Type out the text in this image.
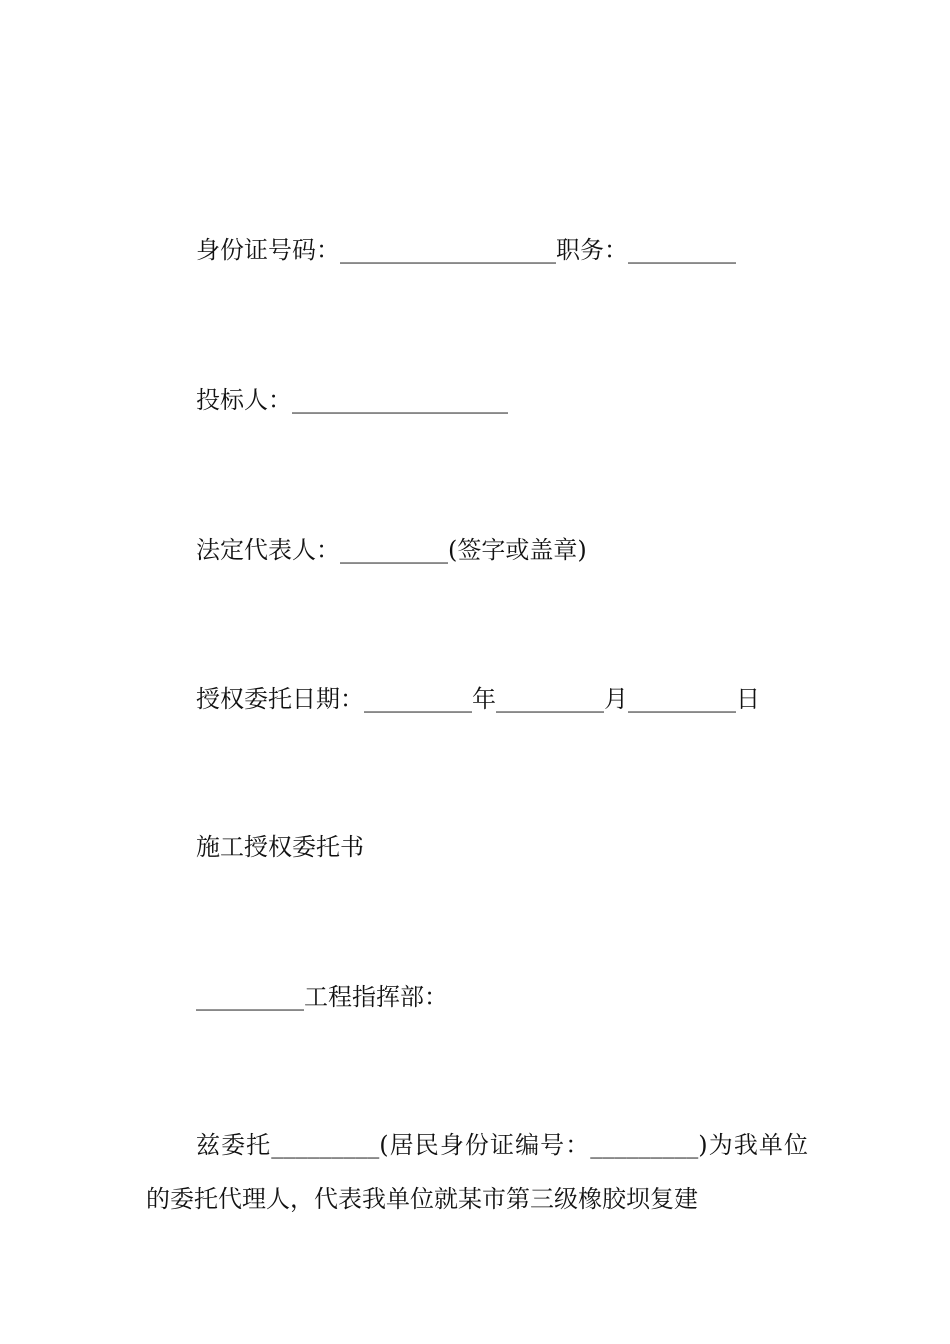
身份证号码：__________________职务：_________
投标人：__________________
法定代表人：_________(签字或盖章)
授权委托日期：_________年_________月_________日
施工授权委托书
_________工程指挥部：
兹委托_________(居民身份证编号：_________)为我单位的委托代理人，代表我单位就某市第三级橡胶坝复建
